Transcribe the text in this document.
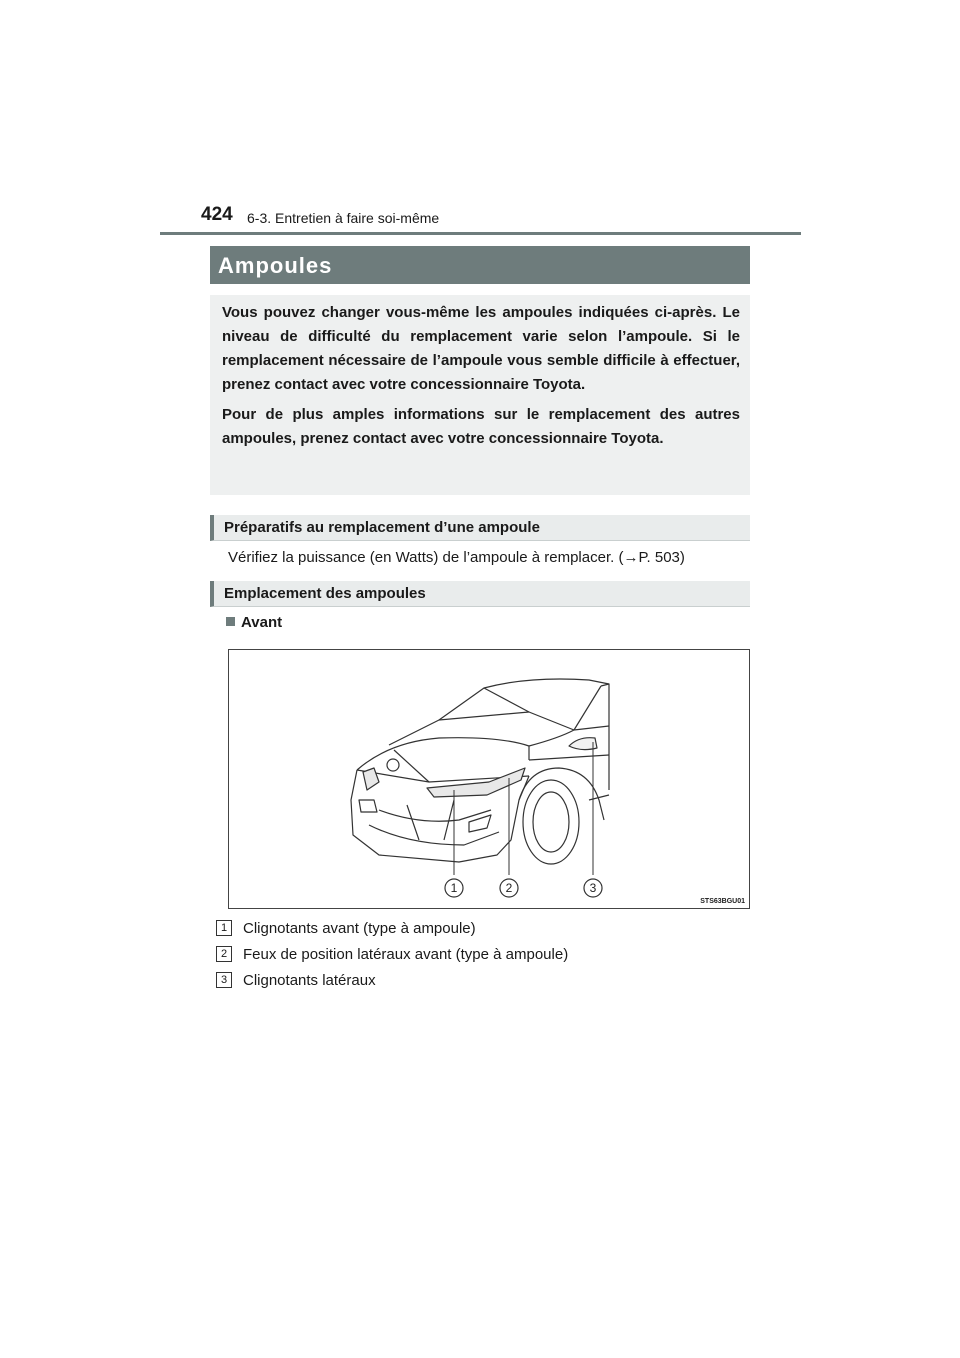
424 6-3. Entretien à faire soi-même
Ampoules

Vous pouvez changer vous-même les ampoules indiquées ci-après. Le niveau de difficulté du remplacement varie selon l’ampoule. Si le remplacement nécessaire de l’ampoule vous semble difficile à effectuer, prenez contact avec votre concessionnaire Toyota.

Pour de plus amples informations sur le remplacement des autres ampoules, prenez contact avec votre concessionnaire Toyota.

Préparatifs au remplacement d’une ampoule
Vérifiez la puissance (en Watts) de l’ampoule à remplacer. (→P. 503)
Emplacement des ampoules
Avant
1	2	3
STS63BGU01
1	Clignotants avant (type à ampoule)
2	Feux de position latéraux avant (type à ampoule)
3	Clignotants latéraux
